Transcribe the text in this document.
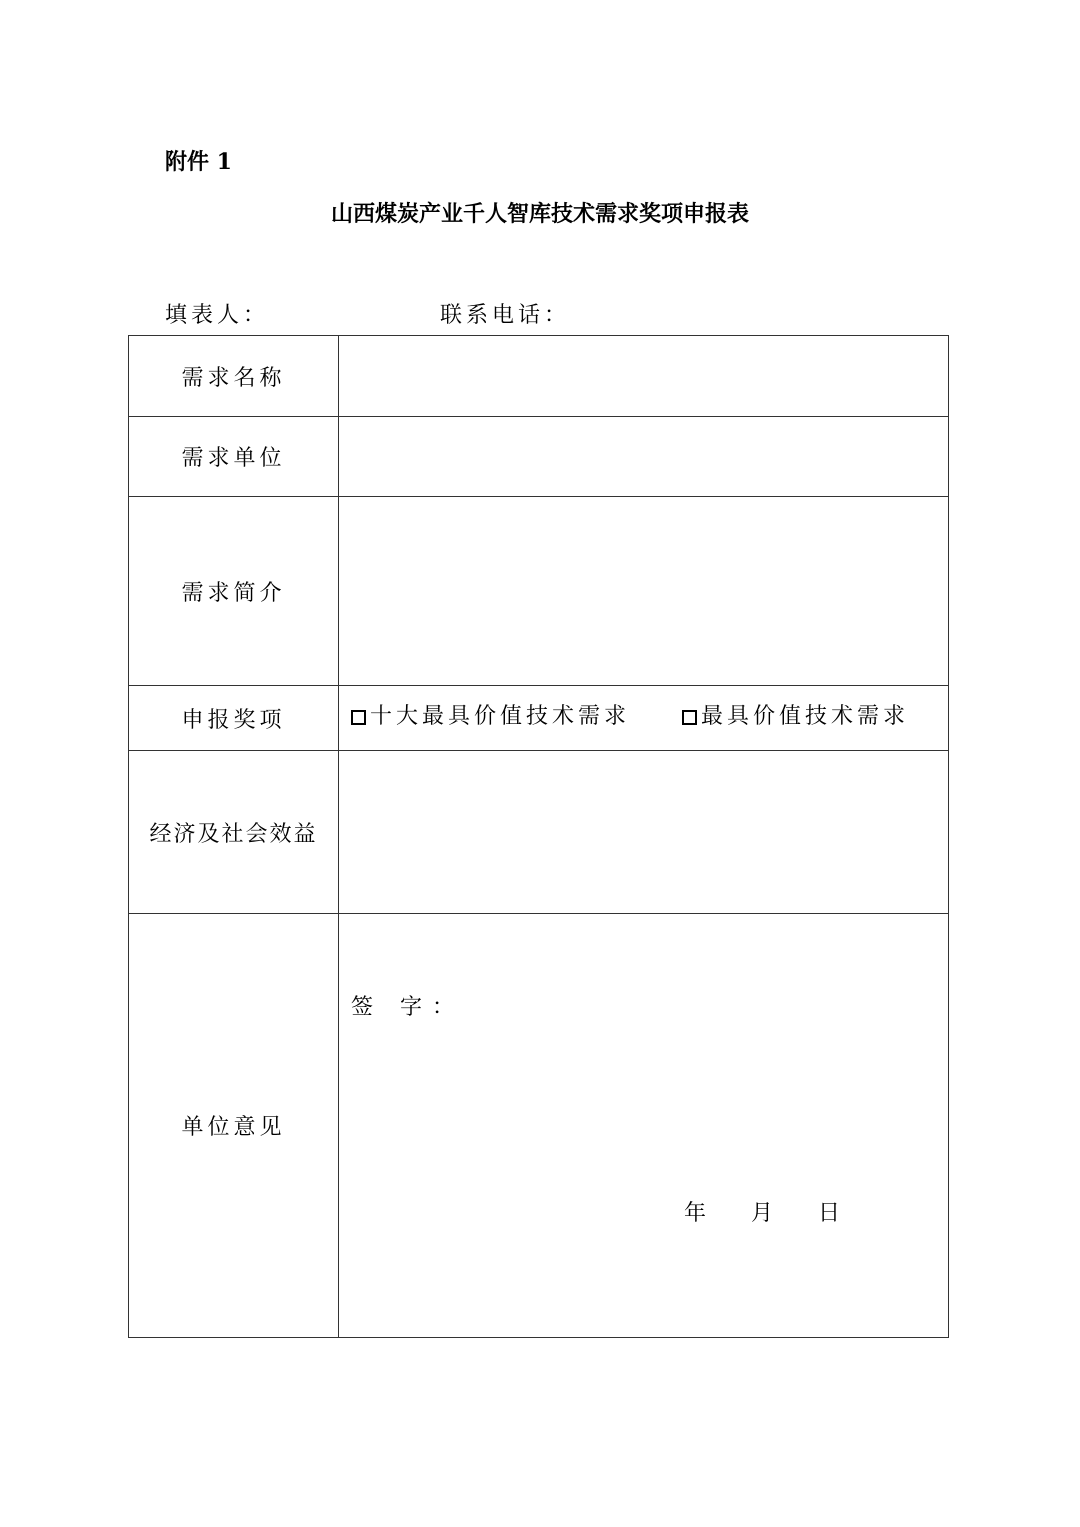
附件 1
山西煤炭产业千人智库技术需求奖项申报表
填表人：	联系电话：
需求名称	
需求单位	
需求简介	
申报奖项	十大最具价值技术需求 最具价值技术需求

经济及社会效益	
单位意见	签 字：
年 月 日
